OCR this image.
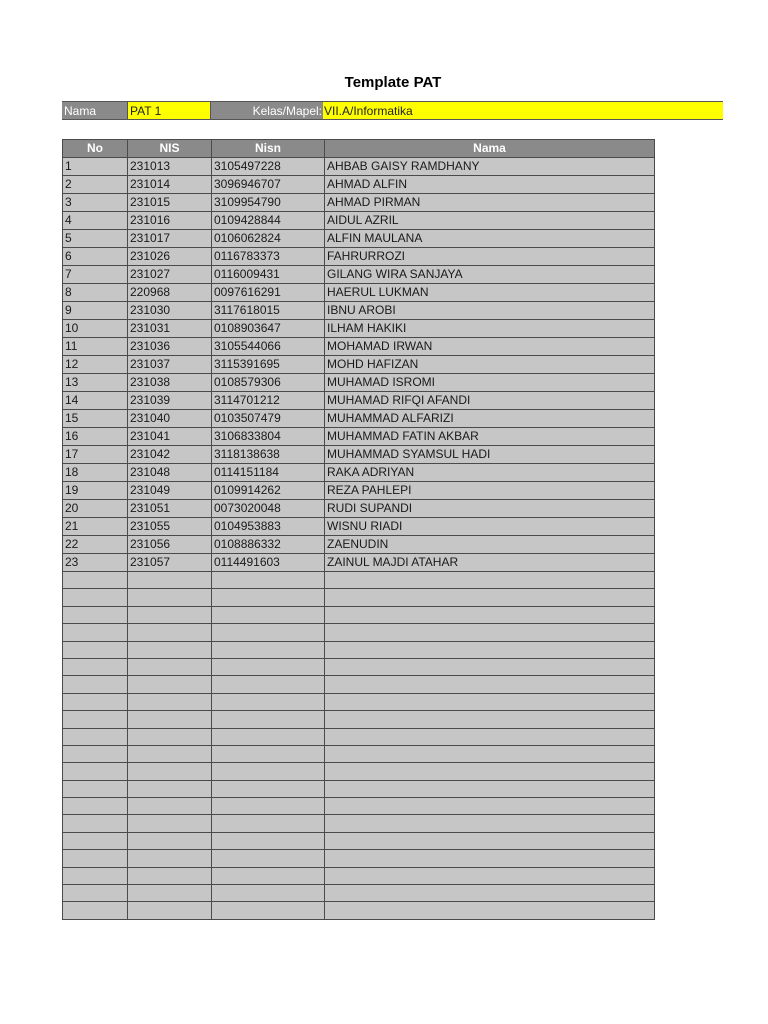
Template PAT
Nama	PAT 1	Kelas/Mapel: VII.A/Informatika
No	NIS	Nisn	Nama
1	231013	3105497228	AHBAB GAISY RAMDHANY
2	231014	3096946707	AHMAD ALFIN
3	231015	3109954790	AHMAD PIRMAN
4	231016	0109428844	AIDUL AZRIL
5	231017	0106062824	ALFIN MAULANA
6	231026	0116783373	FAHRURROZI
7	231027	0116009431	GILANG WIRA SANJAYA
8	220968	0097616291	HAERUL LUKMAN
9	231030	3117618015	IBNU AROBI
10	231031	0108903647	ILHAM HAKIKI
11	231036	3105544066	MOHAMAD IRWAN
12	231037	3115391695	MOHD HAFIZAN
13	231038	0108579306	MUHAMAD ISROMI
14	231039	3114701212	MUHAMAD RIFQI AFANDI
15	231040	0103507479	MUHAMMAD ALFARIZI
16	231041	3106833804	MUHAMMAD FATIN AKBAR
17	231042	3118138638	MUHAMMAD SYAMSUL HADI
18	231048	0114151184	RAKA ADRIYAN
19	231049	0109914262	REZA PAHLEPI
20	231051	0073020048	RUDI SUPANDI
21	231055	0104953883	WISNU RIADI
22	231056	0108886332	ZAENUDIN
23	231057	0114491603	ZAINUL MAJDI ATAHAR
